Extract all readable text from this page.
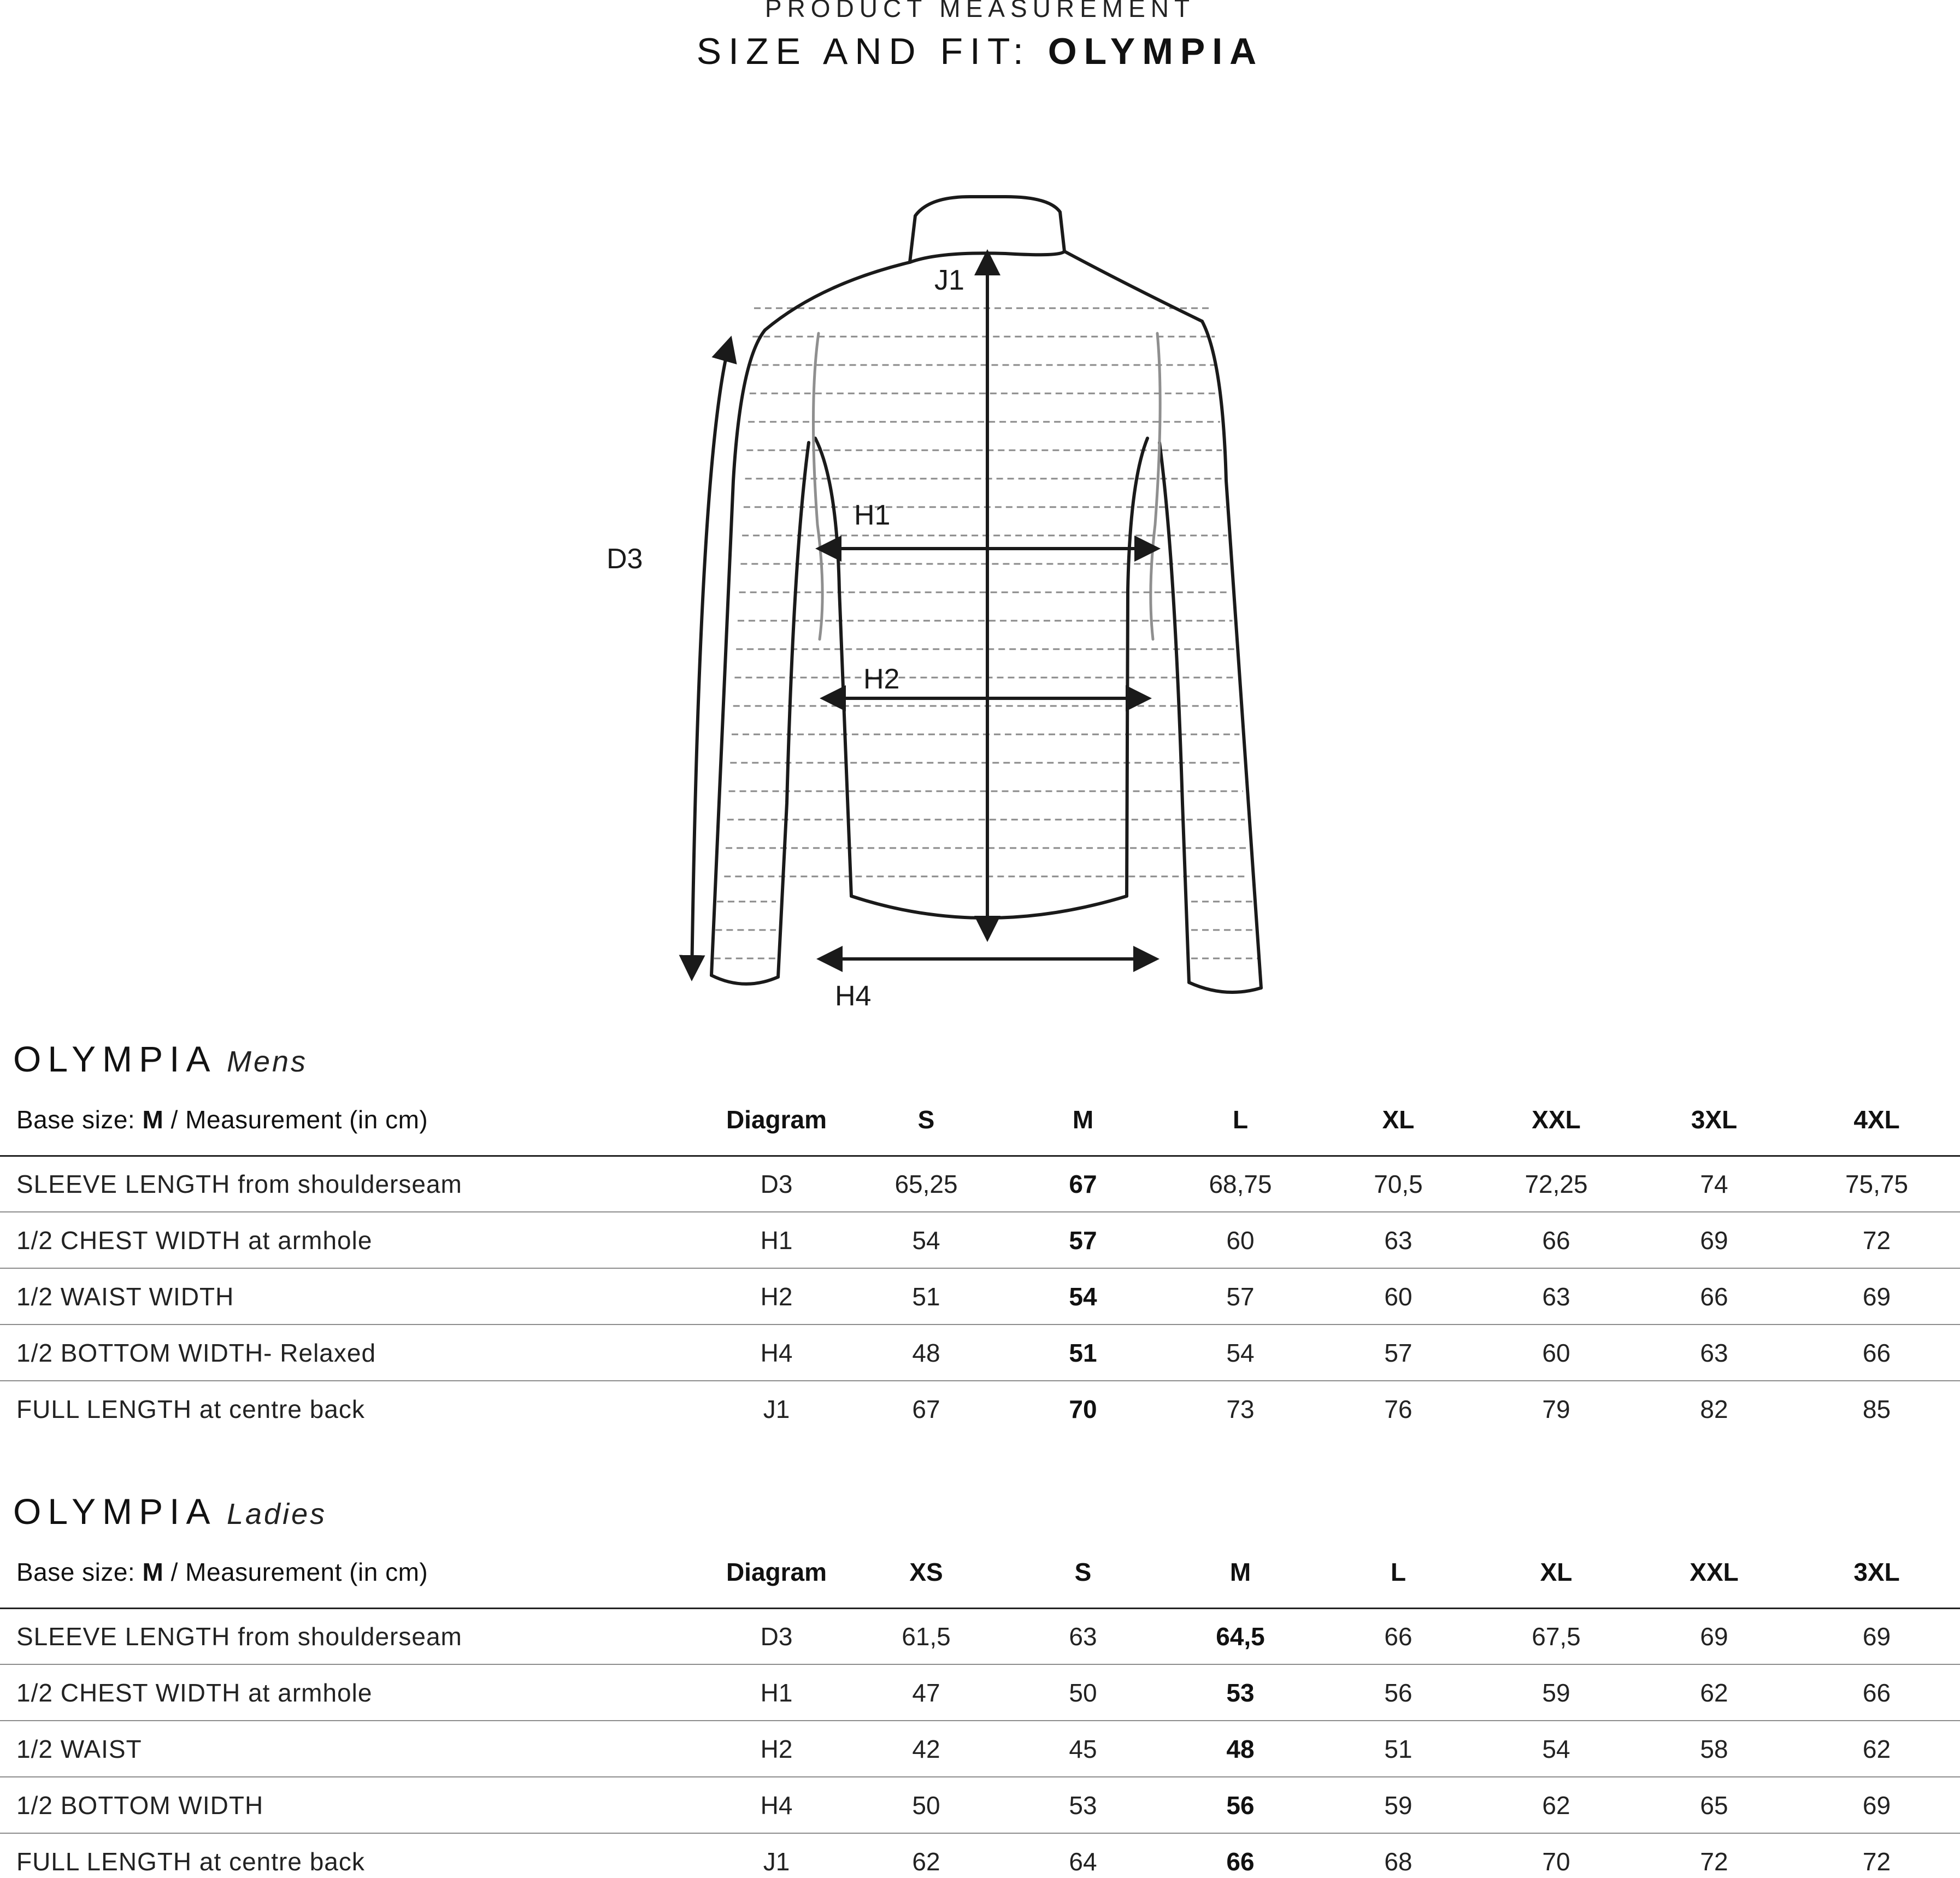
PRODUCT MEASUREMENT
SIZE AND FIT: OLYMPIA
J1
D3
H1
H2
H4
OLYMPIA Mens
Base size: M / Measurement (in cm)	Diagram	S	M	L	XL	XXL	3XL	4XL
SLEEVE LENGTH from shoulderseam	D3	65,25	67	68,75	70,5	72,25	74	75,75
1/2 CHEST WIDTH at armhole	H1	54	57	60	63	66	69	72
1/2 WAIST WIDTH	H2	51	54	57	60	63	66	69
1/2 BOTTOM WIDTH- Relaxed	H4	48	51	54	57	60	63	66
FULL LENGTH at centre back	J1	67	70	73	76	79	82	85
OLYMPIA Ladies
Base size: M / Measurement (in cm)	Diagram	XS	S	M	L	XL	XXL	3XL
SLEEVE LENGTH from shoulderseam	D3	61,5	63	64,5	66	67,5	69	69
1/2 CHEST WIDTH at armhole	H1	47	50	53	56	59	62	66
1/2 WAIST	H2	42	45	48	51	54	58	62
1/2 BOTTOM WIDTH	H4	50	53	56	59	62	65	69
FULL LENGTH at centre back	J1	62	64	66	68	70	72	72
